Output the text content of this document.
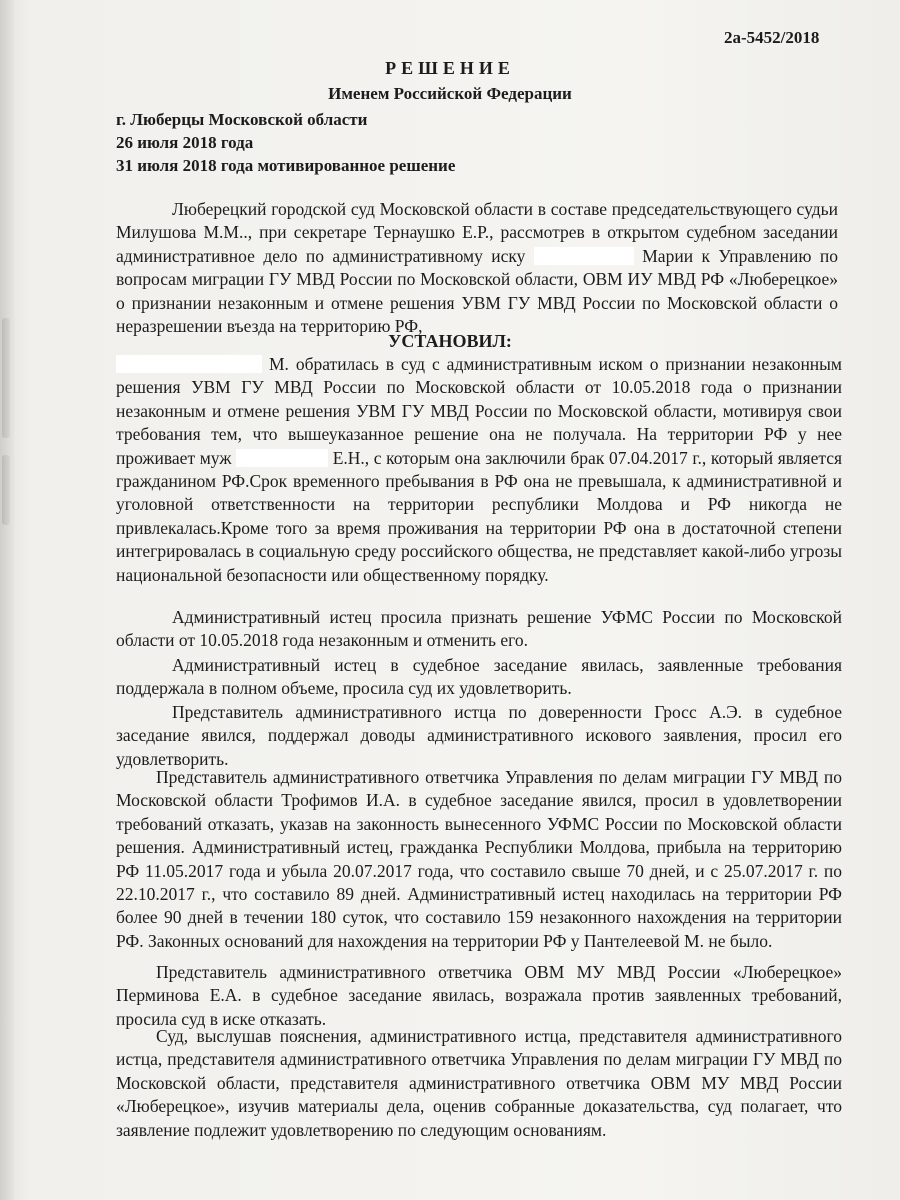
2а-5452/2018
РЕШЕНИЕ
Именем Российской Федерации
г. Люберцы Московской области
26 июля 2018 года
31 июля 2018 года мотивированное решение
Люберецкий городской суд Московской области в составе председательствующего судьи Милушова М.М.., при секретаре Тернаушко Е.Р., рассмотрев в открытом судебном заседании административное дело по административному иску	Марии к Управлению по вопросам миграции ГУ МВД России по Московской области, ОВМ ИУ МВД РФ «Люберецкое» о признании незаконным и отмене решения УВМ ГУ МВД России по Московской области о неразрешении въезда на территорию РФ,
УСТАНОВИЛ:
М. обратилась в суд с административным иском о признании незаконным решения УВМ ГУ МВД России по Московской области от 10.05.2018 года о признании незаконным и отмене решения УВМ ГУ МВД России по Московской области, мотивируя свои требования тем, что вышеуказанное решение она не получала. На территории РФ у нее проживает муж	Е.Н., с которым она заключили брак 07.04.2017 г., который является гражданином РФ.Срок временного пребывания в РФ она не превышала, к административной и уголовной ответственности на территории республики Молдова и РФ никогда не привлекалась.Кроме того за время проживания на территории РФ она в достаточной степени интегрировалась в социальную среду российского общества, не представляет какой-либо угрозы национальной безопасности или общественному порядку.
Административный истец просила признать решение УФМС России по Московской области от 10.05.2018 года незаконным и отменить его.
Административный истец в судебное заседание явилась, заявленные требования поддержала в полном объеме, просила суд их удовлетворить.
Представитель административного истца по доверенности Гросс А.Э. в судебное заседание явился, поддержал доводы административного искового заявления, просил его удовлетворить.
Представитель административного ответчика Управления по делам миграции ГУ МВД по Московской области Трофимов И.А. в судебное заседание явился, просил в удовлетворении требований отказать, указав на законность вынесенного УФМС России по Московской области решения. Административный истец, гражданка Республики Молдова, прибыла на территорию РФ 11.05.2017 года и убыла 20.07.2017 года, что составило свыше 70 дней, и с 25.07.2017 г. по 22.10.2017 г., что составило 89 дней. Административный истец находилась на территории РФ более 90 дней в течении 180 суток, что составило 159 незаконного нахождения на территории РФ. Законных оснований для нахождения на территории РФ у Пантелеевой М. не было.
Представитель административного ответчика ОВМ МУ МВД России «Люберецкое» Перминова Е.А. в судебное заседание явилась, возражала против заявленных требований, просила суд в иске отказать.
Суд, выслушав пояснения, административного истца, представителя административного истца, представителя административного ответчика Управления по делам миграции ГУ МВД по Московской области, представителя административного ответчика ОВМ МУ МВД России «Люберецкое», изучив материалы дела, оценив собранные доказательства, суд полагает, что заявление подлежит удовлетворению по следующим основаниям.
